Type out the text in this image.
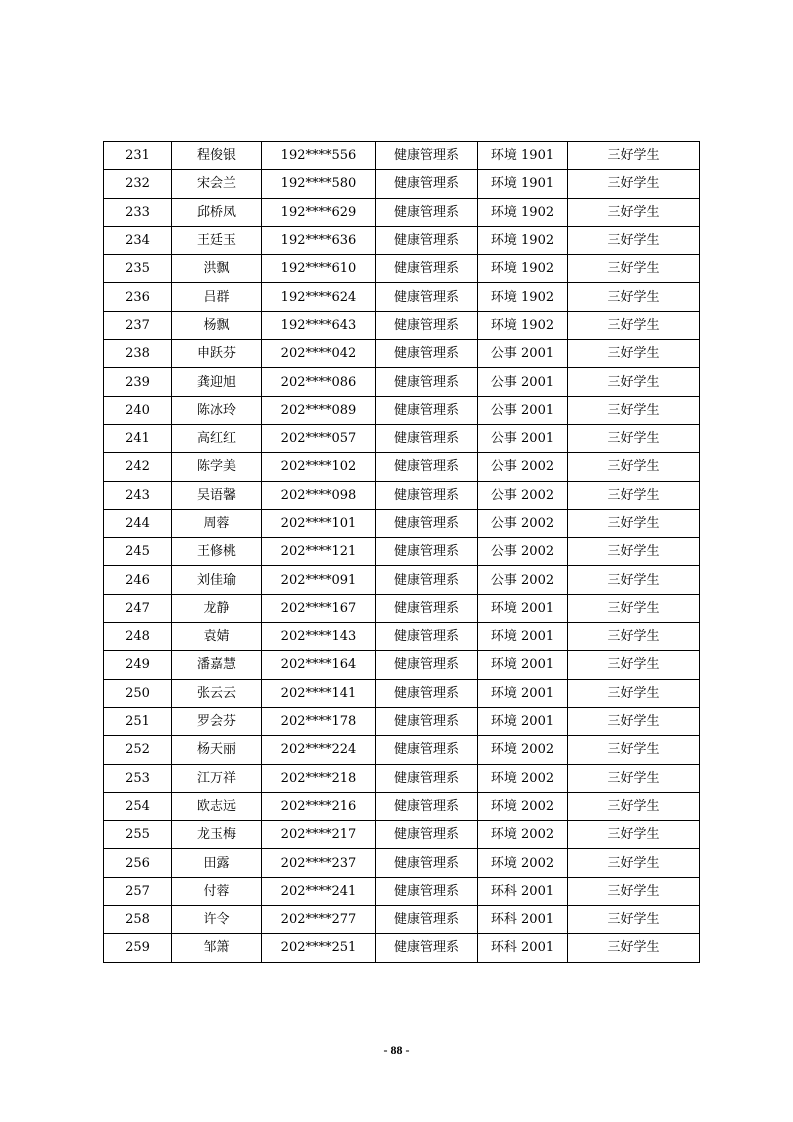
231	程俊银	192****556	健康管理系	环境 1901	三好学生
232	宋会兰	192****580	健康管理系	环境 1901	三好学生
233	邱桥凤	192****629	健康管理系	环境 1902	三好学生
234	王廷玉	192****636	健康管理系	环境 1902	三好学生
235	洪飘	192****610	健康管理系	环境 1902	三好学生
236	吕群	192****624	健康管理系	环境 1902	三好学生
237	杨飘	192****643	健康管理系	环境 1902	三好学生
238	申跃芬	202****042	健康管理系	公事 2001	三好学生
239	龚迎旭	202****086	健康管理系	公事 2001	三好学生
240	陈冰玲	202****089	健康管理系	公事 2001	三好学生
241	高红红	202****057	健康管理系	公事 2001	三好学生
242	陈学美	202****102	健康管理系	公事 2002	三好学生
243	吴语馨	202****098	健康管理系	公事 2002	三好学生
244	周蓉	202****101	健康管理系	公事 2002	三好学生
245	王修桃	202****121	健康管理系	公事 2002	三好学生
246	刘佳瑜	202****091	健康管理系	公事 2002	三好学生
247	龙静	202****167	健康管理系	环境 2001	三好学生
248	袁婧	202****143	健康管理系	环境 2001	三好学生
249	潘嘉慧	202****164	健康管理系	环境 2001	三好学生
250	张云云	202****141	健康管理系	环境 2001	三好学生
251	罗会芬	202****178	健康管理系	环境 2001	三好学生
252	杨天丽	202****224	健康管理系	环境 2002	三好学生
253	江万祥	202****218	健康管理系	环境 2002	三好学生
254	欧志远	202****216	健康管理系	环境 2002	三好学生
255	龙玉梅	202****217	健康管理系	环境 2002	三好学生
256	田露	202****237	健康管理系	环境 2002	三好学生
257	付蓉	202****241	健康管理系	环科 2001	三好学生
258	许令	202****277	健康管理系	环科 2001	三好学生
259	邹箫	202****251	健康管理系	环科 2001	三好学生
- 88 -
